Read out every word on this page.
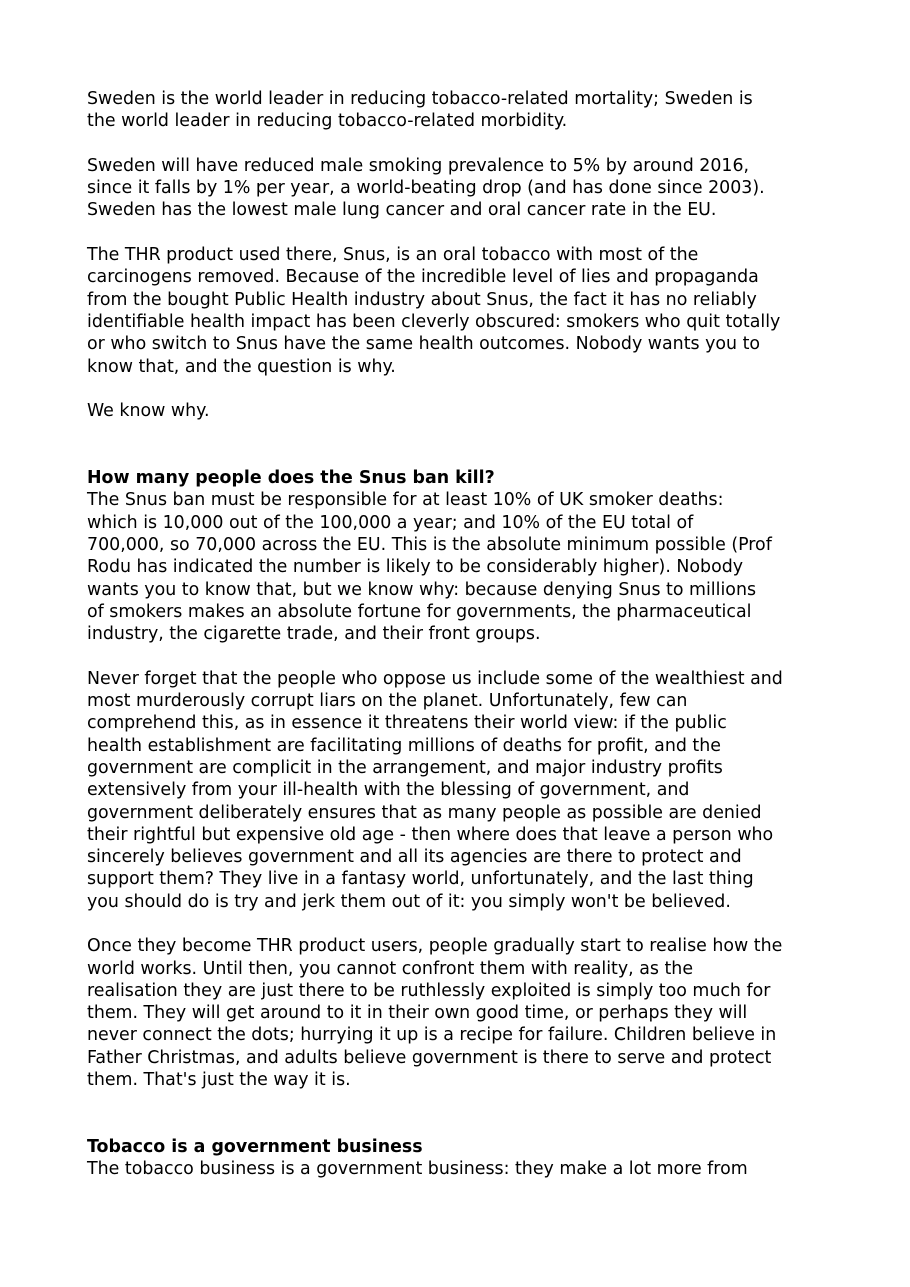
Sweden is the world leader in reducing tobacco-related mortality; Sweden is
the world leader in reducing tobacco-related morbidity.
Sweden will have reduced male smoking prevalence to 5% by around 2016,
since it falls by 1% per year, a world-beating drop (and has done since 2003).
Sweden has the lowest male lung cancer and oral cancer rate in the EU.
The THR product used there, Snus, is an oral tobacco with most of the
carcinogens removed. Because of the incredible level of lies and propaganda
from the bought Public Health industry about Snus, the fact it has no reliably
identifiable health impact has been cleverly obscured: smokers who quit totally
or who switch to Snus have the same health outcomes. Nobody wants you to
know that, and the question is why.
We know why.
How many people does the Snus ban kill?
The Snus ban must be responsible for at least 10% of UK smoker deaths:
which is 10,000 out of the 100,000 a year; and 10% of the EU total of
700,000, so 70,000 across the EU. This is the absolute minimum possible (Prof
Rodu has indicated the number is likely to be considerably higher). Nobody
wants you to know that, but we know why: because denying Snus to millions
of smokers makes an absolute fortune for governments, the pharmaceutical
industry, the cigarette trade, and their front groups.
Never forget that the people who oppose us include some of the wealthiest and
most murderously corrupt liars on the planet. Unfortunately, few can
comprehend this, as in essence it threatens their world view: if the public
health establishment are facilitating millions of deaths for profit, and the
government are complicit in the arrangement, and major industry profits
extensively from your ill-health with the blessing of government, and
government deliberately ensures that as many people as possible are denied
their rightful but expensive old age - then where does that leave a person who
sincerely believes government and all its agencies are there to protect and
support them? They live in a fantasy world, unfortunately, and the last thing
you should do is try and jerk them out of it: you simply won't be believed.
Once they become THR product users, people gradually start to realise how the
world works. Until then, you cannot confront them with reality, as the
realisation they are just there to be ruthlessly exploited is simply too much for
them. They will get around to it in their own good time, or perhaps they will
never connect the dots; hurrying it up is a recipe for failure. Children believe in
Father Christmas, and adults believe government is there to serve and protect
them. That's just the way it is.
Tobacco is a government business
The tobacco business is a government business: they make a lot more from
